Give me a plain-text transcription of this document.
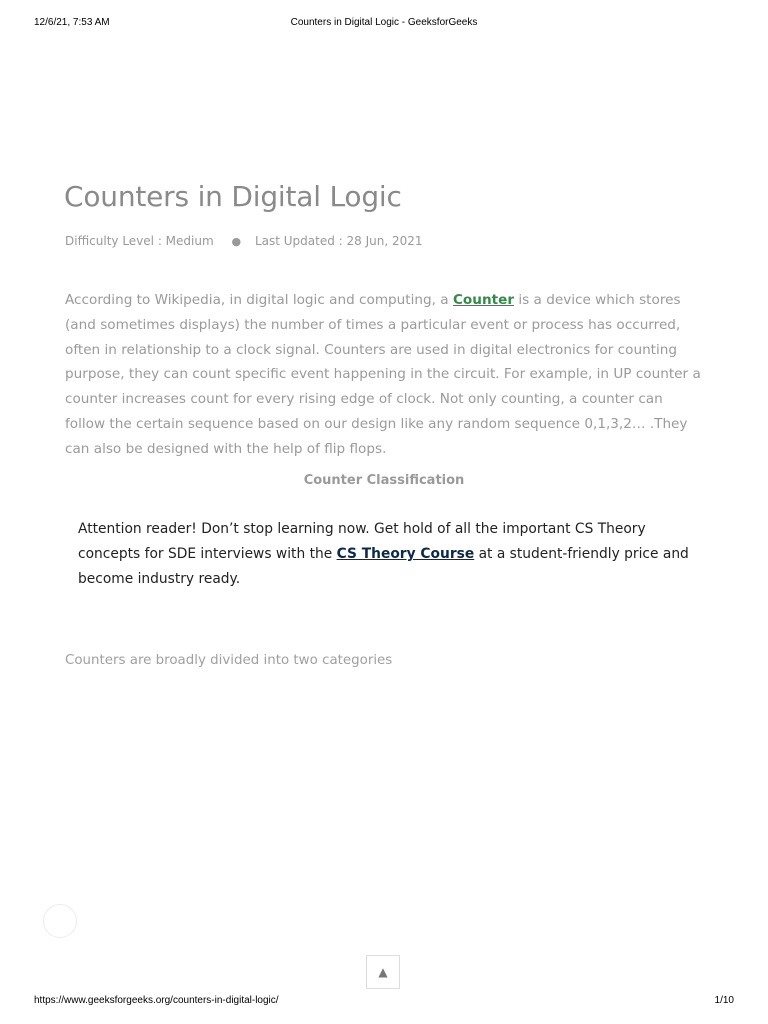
12/6/21, 7:53 AM	Counters in Digital Logic - GeeksforGeeks
Counters in Digital Logic
Difficulty Level : Medium ● Last Updated : 28 Jun, 2021

According to Wikipedia, in digital logic and computing, a Counter is a device which stores (and sometimes displays) the number of times a particular event or process has occurred, often in relationship to a clock signal. Counters are used in digital electronics for counting purpose, they can count specific event happening in the circuit. For example, in UP counter a counter increases count for every rising edge of clock. Not only counting, a counter can follow the certain sequence based on our design like any random sequence 0,1,3,2… .They can also be designed with the help of flip flops.

Counter Classification

Attention reader! Don’t stop learning now. Get hold of all the important CS Theory concepts for SDE interviews with the CS Theory Course at a student-friendly price and become industry ready.

Counters are broadly divided into two categories

▲
https://www.geeksforgeeks.org/counters-in-digital-logic/	1/10
